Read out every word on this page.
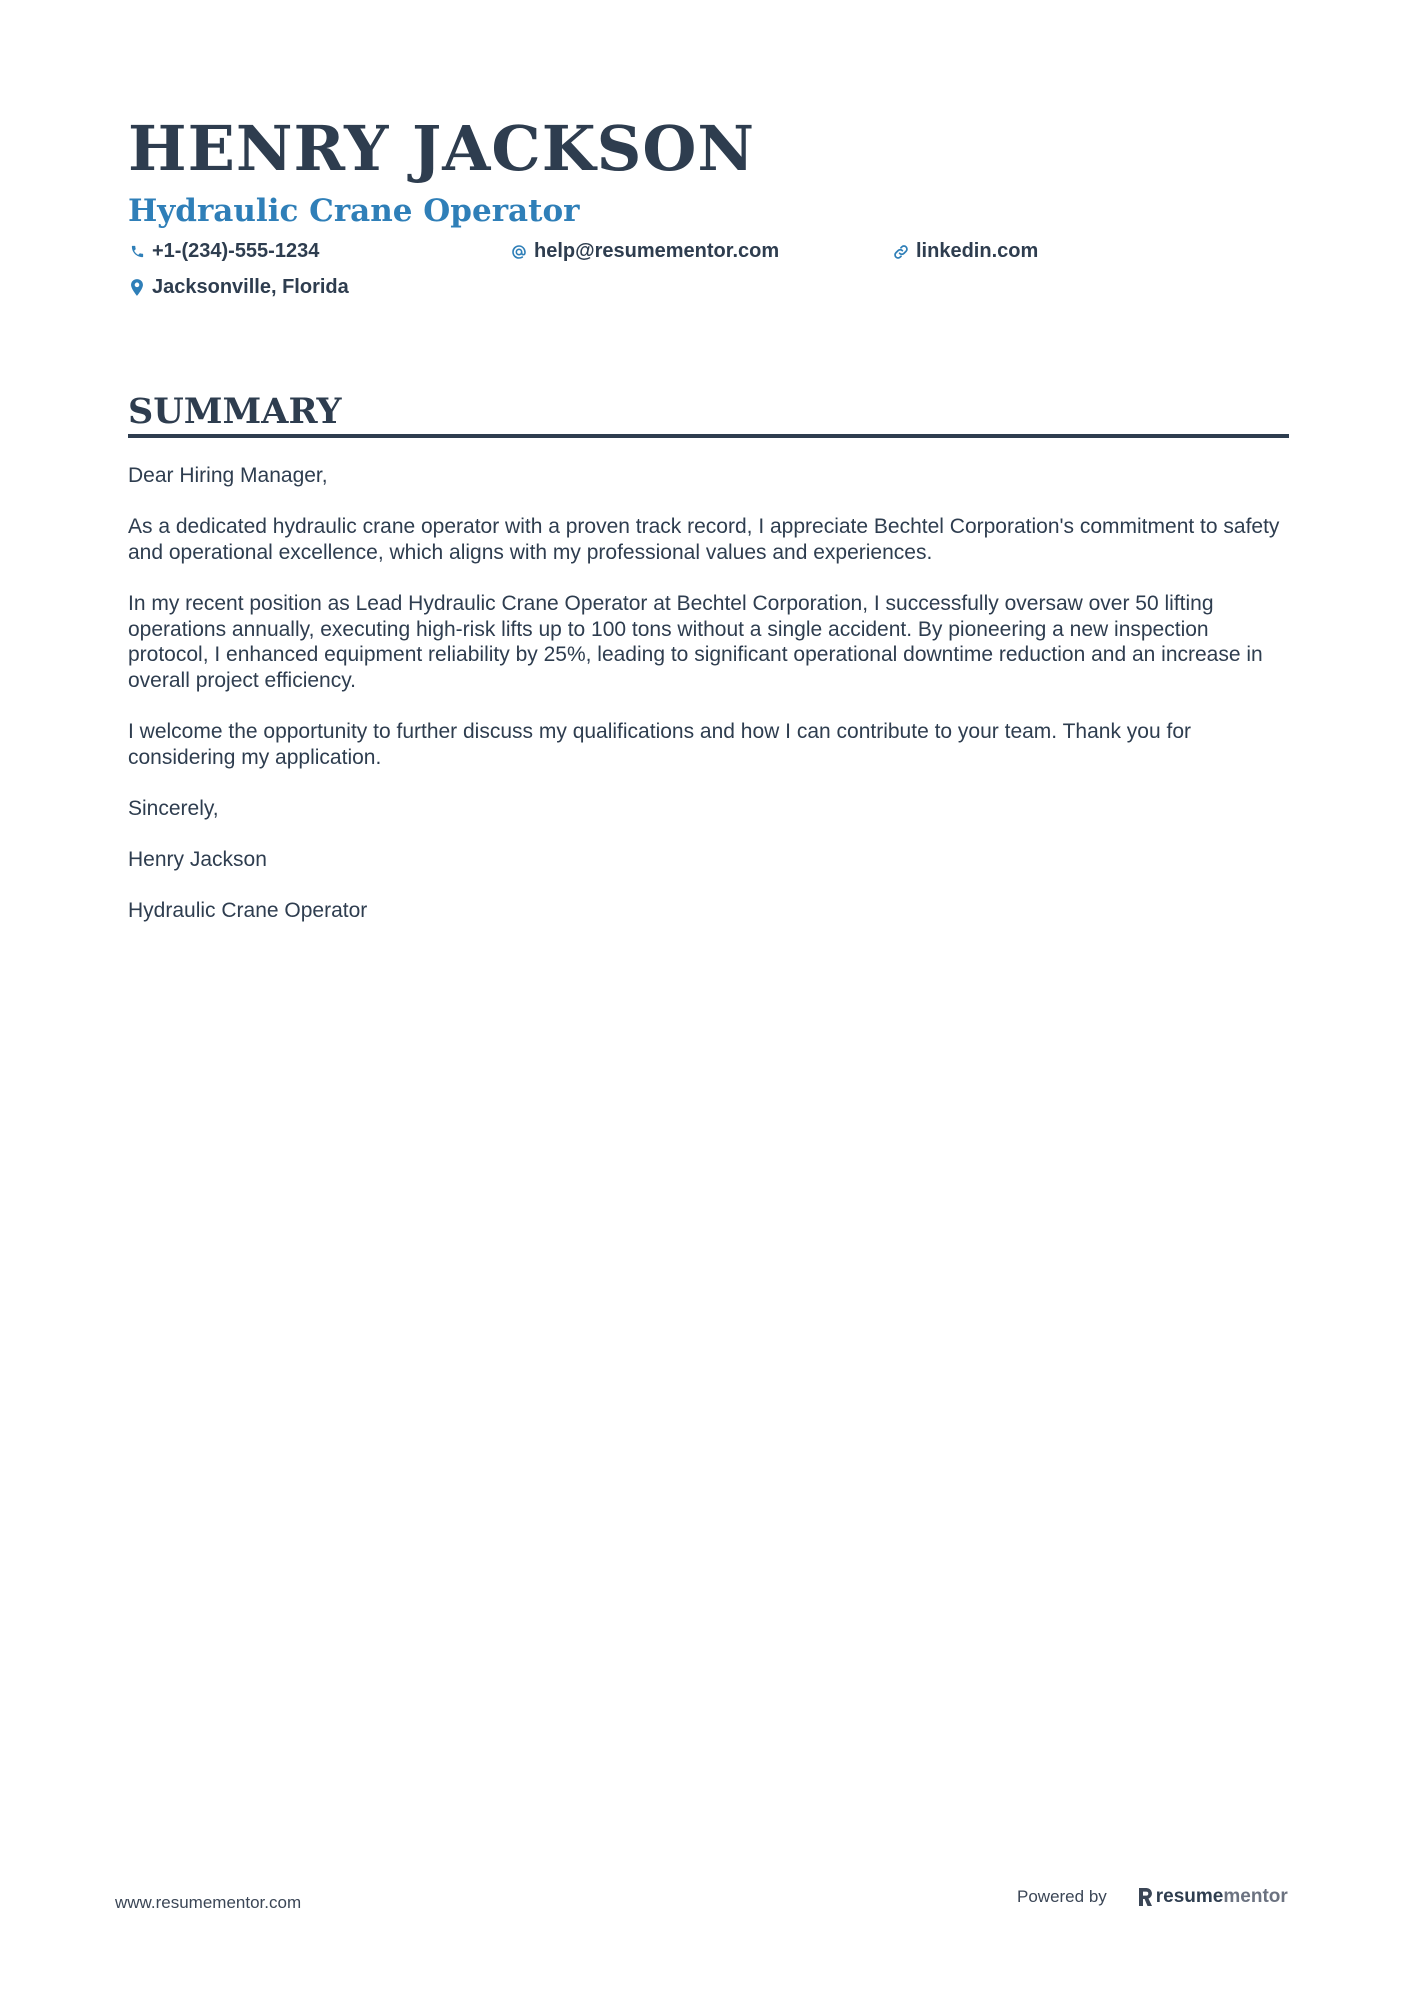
HENRY JACKSON
Hydraulic Crane Operator
+1-(234)-555-1234	help@resumementor.com	linkedin.com
Jacksonville, Florida
SUMMARY

Dear Hiring Manager,

As a dedicated hydraulic crane operator with a proven track record, I appreciate Bechtel Corporation's commitment to safety and operational excellence, which aligns with my professional values and experiences.

In my recent position as Lead Hydraulic Crane Operator at Bechtel Corporation, I successfully oversaw over 50 lifting operations annually, executing high-risk lifts up to 100 tons without a single accident. By pioneering a new inspection protocol, I enhanced equipment reliability by 25%, leading to significant operational downtime reduction and an increase in overall project efficiency.

I welcome the opportunity to further discuss my qualifications and how I can contribute to your team. Thank you for considering my application.

Sincerely,

Henry Jackson

Hydraulic Crane Operator

www.resumementor.com	Powered by	resume mentor
